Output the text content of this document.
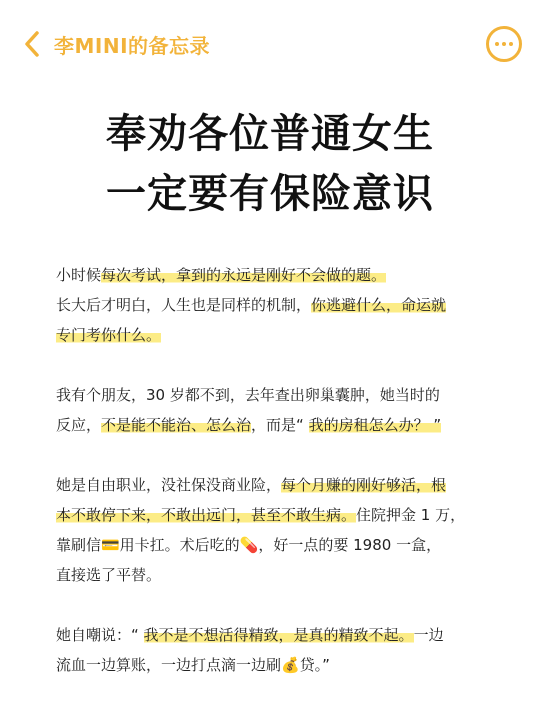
李MINI的备忘录
奉劝各位普通女生
一定要有保险意识
小时候每次考试，拿到的永远是刚好不会做的题。
长大后才明白，人生也是同样的机制，你逃避什么，命运就
专门考你什么。
我有个朋友，30 岁都不到，去年查出卵巢囊肿，她当时的
反应，不是能不能治、怎么治，而是“ 我的房租怎么办？ ”
她是自由职业，没社保没商业险，每个月赚的刚好够活，根
本不敢停下来，不敢出远门，甚至不敢生病。住院押金 1 万，
靠刷信💳用卡扛。术后吃的💊，好一点的要 1980 一盒，
直接选了平替。
她自嘲说：“ 我不是不想活得精致，是真的精致不起。一边
流血一边算账，一边打点滴一边刷💰贷。”
